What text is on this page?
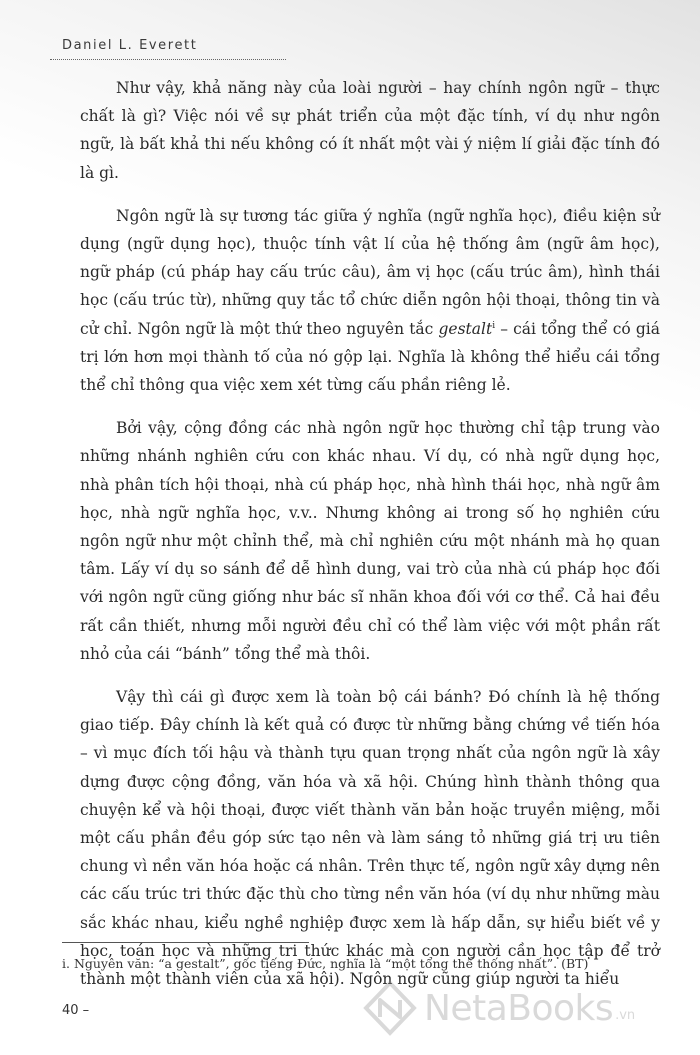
Daniel L. Everett

Như vậy, khả năng này của loài người – hay chính ngôn ngữ – thực chất là gì? Việc nói về sự phát triển của một đặc tính, ví dụ như ngôn ngữ, là bất khả thi nếu không có ít nhất một vài ý niệm lí giải đặc tính đó là gì.

Ngôn ngữ là sự tương tác giữa ý nghĩa (ngữ nghĩa học), điều kiện sử dụng (ngữ dụng học), thuộc tính vật lí của hệ thống âm (ngữ âm học), ngữ pháp (cú pháp hay cấu trúc câu), âm vị học (cấu trúc âm), hình thái học (cấu trúc từ), những quy tắc tổ chức diễn ngôn hội thoại, thông tin và cử chỉ. Ngôn ngữ là một thứ theo nguyên tắc gestalt$^i$ – cái tổng thể có giá trị lớn hơn mọi thành tố của nó gộp lại. Nghĩa là không thể hiểu cái tổng thể chỉ thông qua việc xem xét từng cấu phần riêng lẻ.

Bởi vậy, cộng đồng các nhà ngôn ngữ học thường chỉ tập trung vào những nhánh nghiên cứu con khác nhau. Ví dụ, có nhà ngữ dụng học, nhà phân tích hội thoại, nhà cú pháp học, nhà hình thái học, nhà ngữ âm học, nhà ngữ nghĩa học, v.v.. Nhưng không ai trong số họ nghiên cứu ngôn ngữ như một chỉnh thể, mà chỉ nghiên cứu một nhánh mà họ quan tâm. Lấy ví dụ so sánh để dễ hình dung, vai trò của nhà cú pháp học đối với ngôn ngữ cũng giống như bác sĩ nhãn khoa đối với cơ thể. Cả hai đều rất cần thiết, nhưng mỗi người đều chỉ có thể làm việc với một phần rất nhỏ của cái “bánh” tổng thể mà thôi.

Vậy thì cái gì được xem là toàn bộ cái bánh? Đó chính là hệ thống giao tiếp. Đây chính là kết quả có được từ những bằng chứng về tiến hóa – vì mục đích tối hậu và thành tựu quan trọng nhất của ngôn ngữ là xây dựng được cộng đồng, văn hóa và xã hội. Chúng hình thành thông qua chuyện kể và hội thoại, được viết thành văn bản hoặc truyền miệng, mỗi một cấu phần đều góp sức tạo nên và làm sáng tỏ những giá trị ưu tiên chung vì nền văn hóa hoặc cá nhân. Trên thực tế, ngôn ngữ xây dựng nên các cấu trúc tri thức đặc thù cho từng nền văn hóa (ví dụ như những màu sắc khác nhau, kiểu nghề nghiệp được xem là hấp dẫn, sự hiểu biết về y học, toán học và những tri thức khác mà con người cần học tập để trở thành một thành viên của xã hội). Ngôn ngữ cũng giúp người ta hiểu

i. Nguyên văn: “a gestalt”, gốc tiếng Đức, nghĩa là “một tổng thể thống nhất”. (BT)
40 –	NetaBooks .vn
